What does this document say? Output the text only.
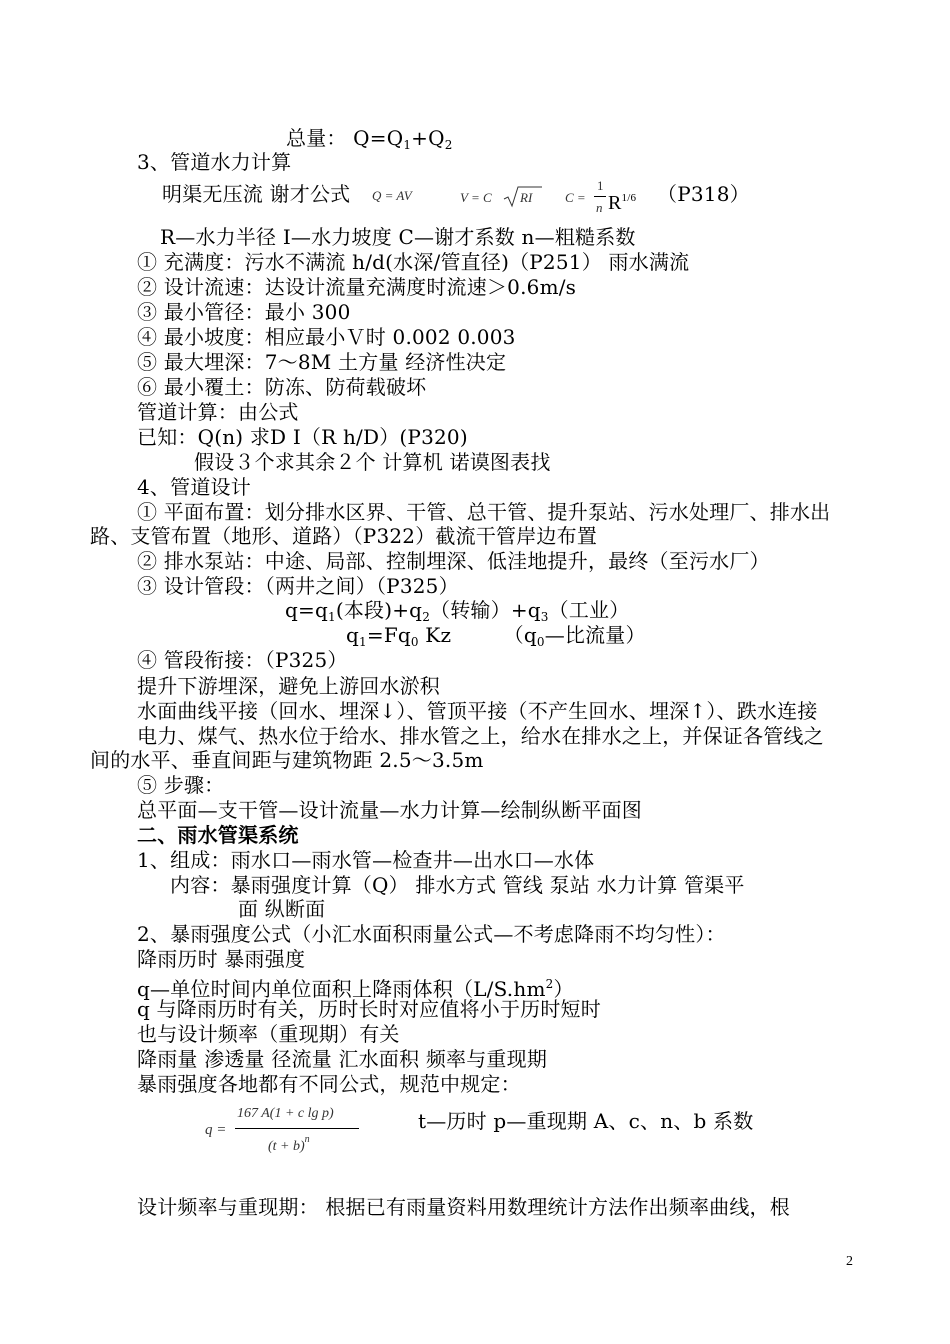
总量： $Q=Q_1+Q_2$
3、管道水力计算
明渠无压流 谢才公式 Q = AV	V = C RI	C =
1
n $R^{1/6}$ （P318）
R—水力半径 I—水力坡度 C—谢才系数 n—粗糙系数
① 充满度：污水不满流 h/d(水深/管直径)（P251） 雨水满流
② 设计流速：达设计流量充满度时流速＞0.6m/s
③ 最小管径：最小 300
④ 最小坡度：相应最小Ｖ时 0.002 0.003
⑤ 最大埋深：7～8M 土方量 经济性决定
⑥ 最小覆土：防冻、防荷载破坏
管道计算：由公式
已知：Q(n) 求D I（R h/D）(P320)
假设３个求其余２个 计算机 诺谟图表找
4、管道设计
① 平面布置：划分排水区界、干管、总干管、提升泵站、污水处理厂、排水出
路、支管布置（地形、道路）（P322）截流干管岸边布置
② 排水泵站：中途、局部、控制埋深、低洼地提升，最终（至污水厂）
③ 设计管段：（两井之间）（P325）
$q=q_1$(本段)$+q_2$（转输）$+q_3$（工业）
$q_1=Fq_0$ Kz        （$q_0—$比流量）
④ 管段衔接：（P325）
提升下游埋深，避免上游回水淤积
水面曲线平接（回水、埋深↓）、管顶平接（不产生回水、埋深↑）、跌水连接
电力、煤气、热水位于给水、排水管之上，给水在排水之上，并保证各管线之
间的水平、垂直间距与建筑物距 2.5～3.5m
⑤ 步骤：
总平面—支干管—设计流量—水力计算—绘制纵断平面图
二、雨水管渠系统
1、组成：雨水口—雨水管—检查井—出水口—水体
内容：暴雨强度计算（Q） 排水方式 管线 泵站 水力计算 管渠平
面 纵断面
2、暴雨强度公式（小汇水面积雨量公式—不考虑降雨不均匀性）：
降雨历时 暴雨强度
q—单位时间内单位面积上降雨体积$(L/S.hm^2)$
q 与降雨历时有关，历时长时对应值将小于历时短时
也与设计频率（重现期）有关
降雨量 渗透量 径流量 汇水面积 频率与重现期
暴雨强度各地都有不同公式，规范中规定：
q =
167 A(1 + c lg p)
$(t + b)^n$
t—历时 p—重现期 A、c、n、b 系数
设计频率与重现期： 根据已有雨量资料用数理统计方法作出频率曲线，根
2
